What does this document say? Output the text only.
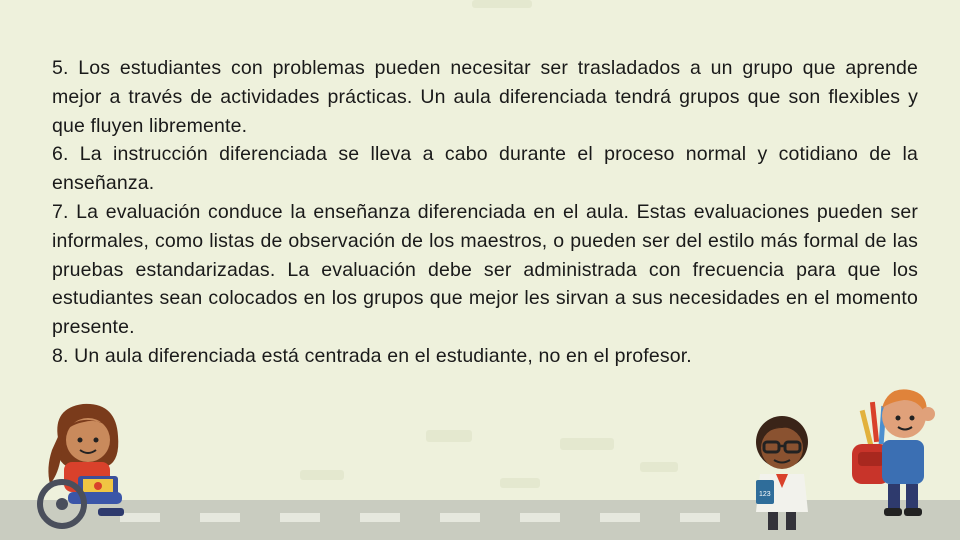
5. Los estudiantes con problemas pueden necesitar ser trasladados a un grupo que aprende mejor a través de actividades prácticas. Un aula diferenciada tendrá grupos que son flexibles y que fluyen libremente.

6. La instrucción diferenciada se lleva a cabo durante el proceso normal y cotidiano de la enseñanza.

7. La evaluación conduce la enseñanza diferenciada en el aula. Estas evaluaciones pueden ser informales, como listas de observación de los maestros, o pueden ser del estilo más formal de las pruebas estandarizadas. La evaluación debe ser administrada con frecuencia para que los estudiantes sean colocados en los grupos que mejor les sirvan a sus necesidades en el momento presente.

8. Un aula diferenciada está centrada en el estudiante, no en el profesor.

123
